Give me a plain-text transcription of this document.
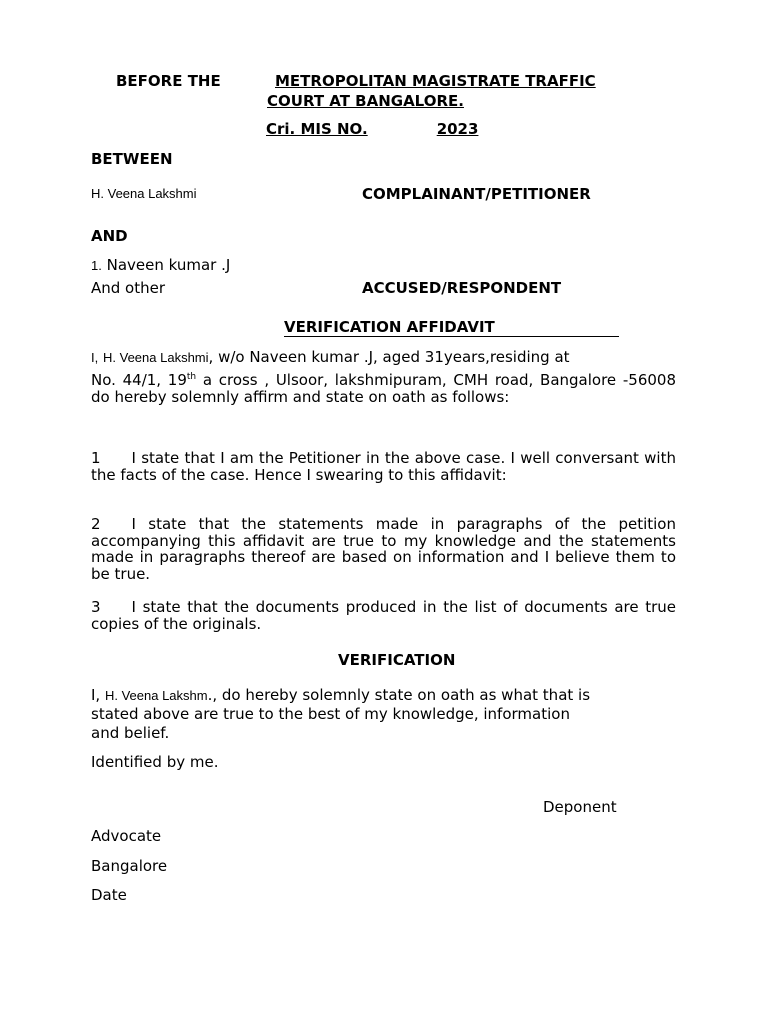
BEFORE THE	METROPOLITAN MAGISTRATE TRAFFIC
COURT AT BANGALORE.
Cri. MIS NO.	2023
BETWEEN
H. Veena Lakshmi	COMPLAINANT/PETITIONER
AND
1. Naveen kumar .J
And other	ACCUSED/RESPONDENT
VERIFICATION AFFIDAVIT
I, H. Veena Lakshmi, w/o Naveen kumar .J, aged 31years,residing at
No. 44/1, 19th a cross , Ulsoor, lakshmipuram, CMH road, Bangalore -56008 do hereby solemnly affirm and state on oath as follows:
1 I state that I am the Petitioner in the above case. I well conversant with the facts of the case. Hence I swearing to this affidavit:
2 I state that the statements made in paragraphs of the petition accompanying this affidavit are true to my knowledge and the statements made in paragraphs thereof are based on information and I believe them to be true.
3 I state that the documents produced in the list of documents are true copies of the originals.
VERIFICATION
I, H. Veena Lakshm., do hereby solemnly state on oath as what that is
stated above are true to the best of my knowledge, information
and belief.
Identified by me.
Deponent
Advocate
Bangalore
Date
